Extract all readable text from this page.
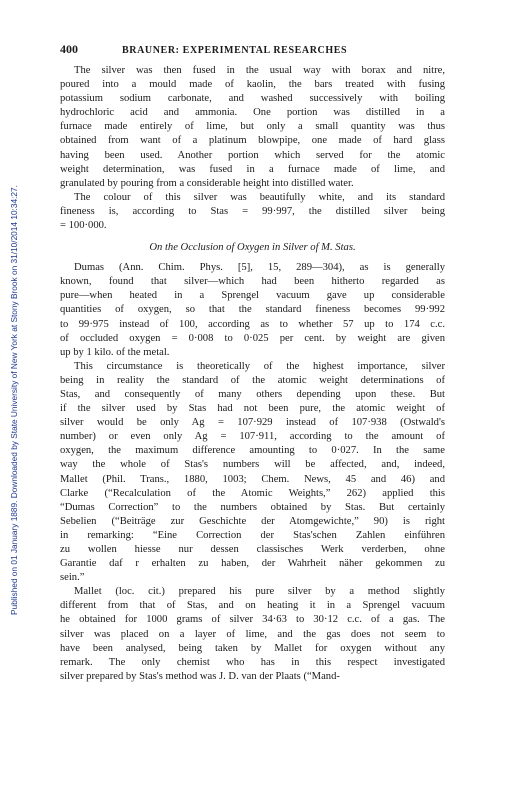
Published on 01 January 1889. Downloaded by State University of New York at Stony Brook on 31/10/2014 10:34:27.
400	BRAUNER: EXPERIMENTAL RESEARCHES
The silver was then fused in the usual way with borax and nitre,
poured into a mould made of kaolin, the bars treated with fusing
potassium sodium carbonate, and washed successively with boiling
hydrochloric acid and ammonia. One portion was distilled in a
furnace made entirely of lime, but only a small quantity was thus
obtained from want of a platinum blowpipe, one made of hard glass
having been used. Another portion which served for the atomic
weight determination, was fused in a furnace made of lime, and
granulated by pouring from a considerable height into distilled water.
The colour of this silver was beautifully white, and its standard
fineness is, according to Stas = 99·997, the distilled silver being
= 100·000.
On the Occlusion of Oxygen in Silver of M. Stas.
Dumas (Ann. Chim. Phys. [5], 15, 289—304), as is generally
known, found that silver—which had been hitherto regarded as
pure—when heated in a Sprengel vacuum gave up considerable
quantities of oxygen, so that the standard fineness becomes 99·992
to 99·975 instead of 100, according as to whether 57 up to 174 c.c.
of occluded oxygen = 0·008 to 0·025 per cent. by weight are given
up by 1 kilo. of the metal.
This circumstance is theoretically of the highest importance, silver
being in reality the standard of the atomic weight determinations of
Stas, and consequently of many others depending upon these. But
if the silver used by Stas had not been pure, the atomic weight of
silver would be only Ag = 107·929 instead of 107·938 (Ostwald's
number) or even only Ag = 107·911, according to the amount of
oxygen, the maximum difference amounting to 0·027. In the same
way the whole of Stas's numbers will be affected, and, indeed,
Mallet (Phil. Trans., 1880, 1003; Chem. News, 45 and 46) and
Clarke (“Recalculation of the Atomic Weights,” 262) applied this
“Dumas Correction” to the numbers obtained by Stas. But certainly
Sebelien (“Beiträge zur Geschichte der Atomgewichte,” 90) is right
in remarking: “Eine Correction der Stas'schen Zahlen einführen
zu wollen hiesse nur dessen classisches Werk verderben, ohne
Garantie daf r erhalten zu haben, der Wahrheit näher gekommen zu
sein.”
Mallet (loc. cit.) prepared his pure silver by a method slightly
different from that of Stas, and on heating it in a Sprengel vacuum
he obtained for 1000 grams of silver 34·63 to 30·12 c.c. of a gas. The
silver was placed on a layer of lime, and the gas does not seem to
have been analysed, being taken by Mallet for oxygen without any
remark. The only chemist who has in this respect investigated
silver prepared by Stas's method was J. D. van der Plaats (“Mand-
